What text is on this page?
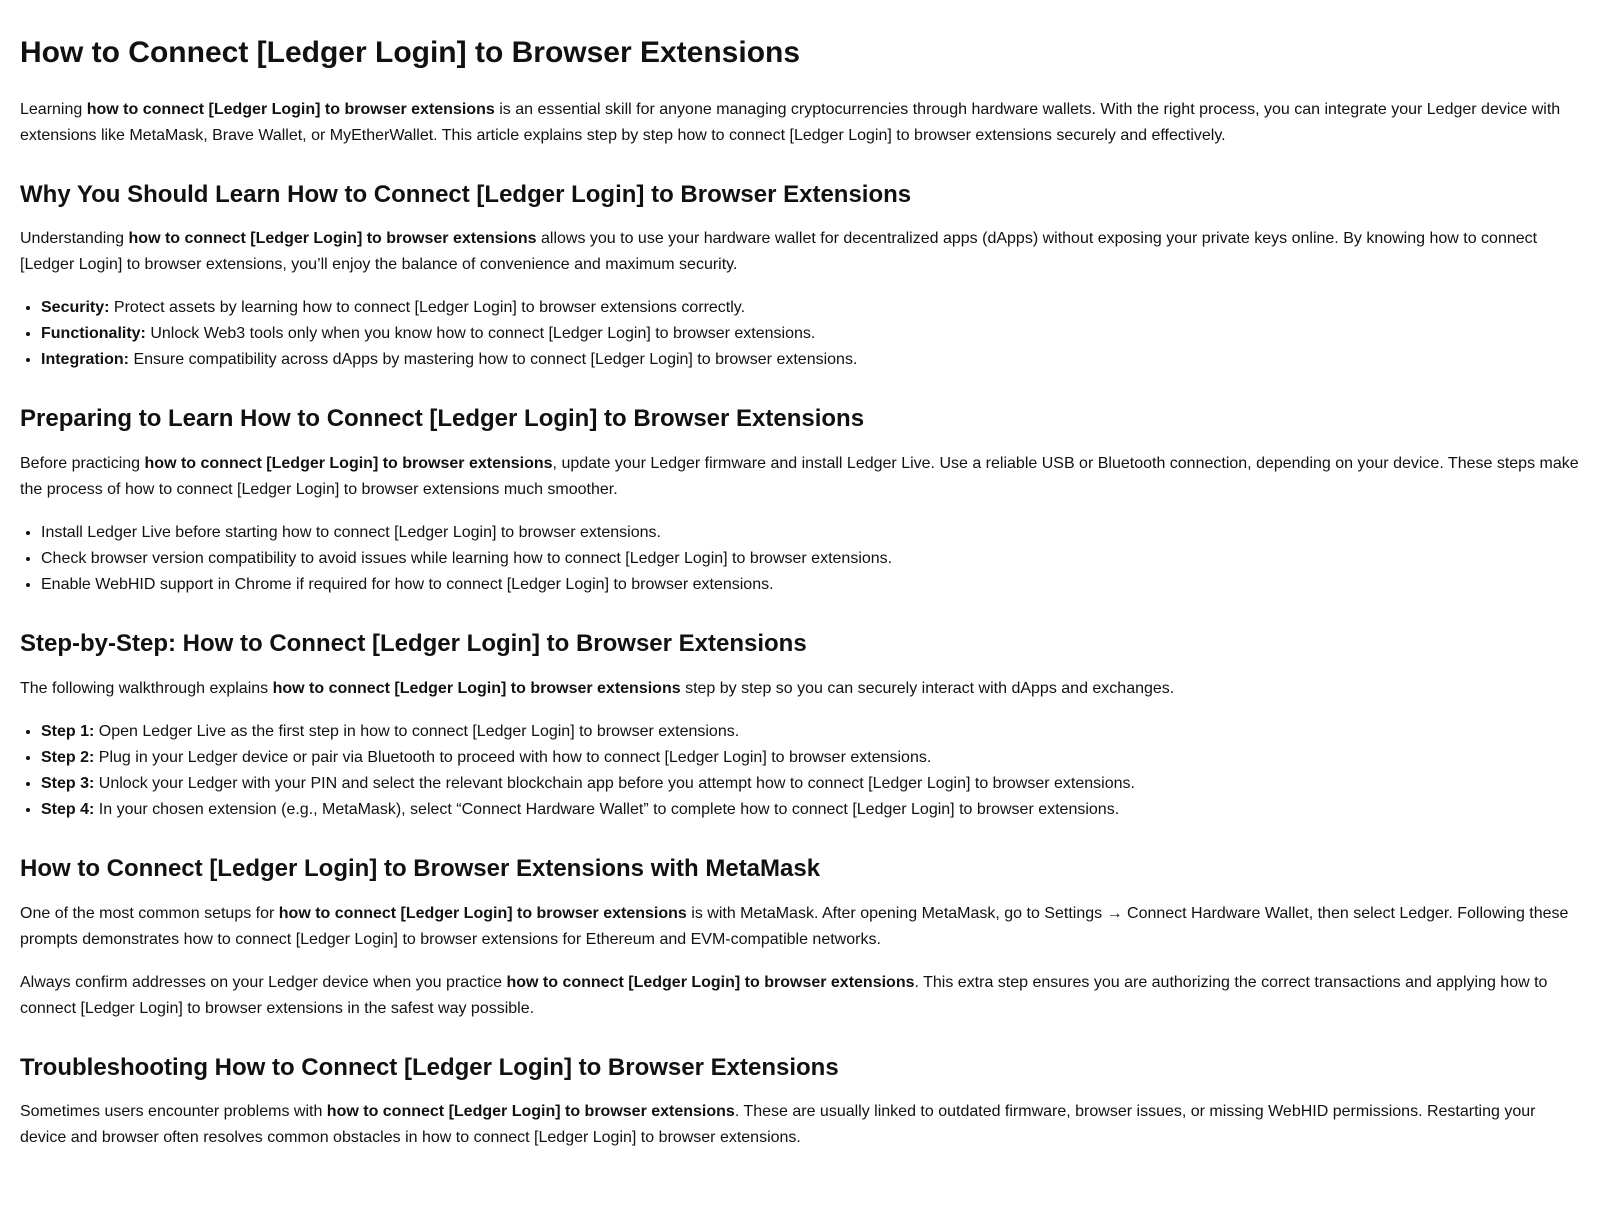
How to Connect [Ledger Login] to Browser Extensions

Learning how to connect [Ledger Login] to browser extensions is an essential skill for anyone managing cryptocurrencies through hardware wallets. With the right process, you can integrate your Ledger device with extensions like MetaMask, Brave Wallet, or MyEtherWallet. This article explains step by step how to connect [Ledger Login] to browser extensions securely and effectively.

Why You Should Learn How to Connect [Ledger Login] to Browser Extensions

Understanding how to connect [Ledger Login] to browser extensions allows you to use your hardware wallet for decentralized apps (dApps) without exposing your private keys online. By knowing how to connect [Ledger Login] to browser extensions, you’ll enjoy the balance of convenience and maximum security.

• Security: Protect assets by learning how to connect [Ledger Login] to browser extensions correctly.
• Functionality: Unlock Web3 tools only when you know how to connect [Ledger Login] to browser extensions.
• Integration: Ensure compatibility across dApps by mastering how to connect [Ledger Login] to browser extensions.
Preparing to Learn How to Connect [Ledger Login] to Browser Extensions

Before practicing how to connect [Ledger Login] to browser extensions, update your Ledger firmware and install Ledger Live. Use a reliable USB or Bluetooth connection, depending on your device. These steps make the process of how to connect [Ledger Login] to browser extensions much smoother.

• Install Ledger Live before starting how to connect [Ledger Login] to browser extensions.
• Check browser version compatibility to avoid issues while learning how to connect [Ledger Login] to browser extensions.
• Enable WebHID support in Chrome if required for how to connect [Ledger Login] to browser extensions.
Step-by-Step: How to Connect [Ledger Login] to Browser Extensions

The following walkthrough explains how to connect [Ledger Login] to browser extensions step by step so you can securely interact with dApps and exchanges.

• Step 1: Open Ledger Live as the first step in how to connect [Ledger Login] to browser extensions.
• Step 2: Plug in your Ledger device or pair via Bluetooth to proceed with how to connect [Ledger Login] to browser extensions.
• Step 3: Unlock your Ledger with your PIN and select the relevant blockchain app before you attempt how to connect [Ledger Login] to browser extensions.
• Step 4: In your chosen extension (e.g., MetaMask), select “Connect Hardware Wallet” to complete how to connect [Ledger Login] to browser extensions.
How to Connect [Ledger Login] to Browser Extensions with MetaMask

One of the most common setups for how to connect [Ledger Login] to browser extensions is with MetaMask. After opening MetaMask, go to Settings → Connect Hardware Wallet, then select Ledger. Following these prompts demonstrates how to connect [Ledger Login] to browser extensions for Ethereum and EVM-compatible networks.

Always confirm addresses on your Ledger device when you practice how to connect [Ledger Login] to browser extensions. This extra step ensures you are authorizing the correct transactions and applying how to connect [Ledger Login] to browser extensions in the safest way possible.

Troubleshooting How to Connect [Ledger Login] to Browser Extensions

Sometimes users encounter problems with how to connect [Ledger Login] to browser extensions. These are usually linked to outdated firmware, browser issues, or missing WebHID permissions. Restarting your device and browser often resolves common obstacles in how to connect [Ledger Login] to browser extensions.
